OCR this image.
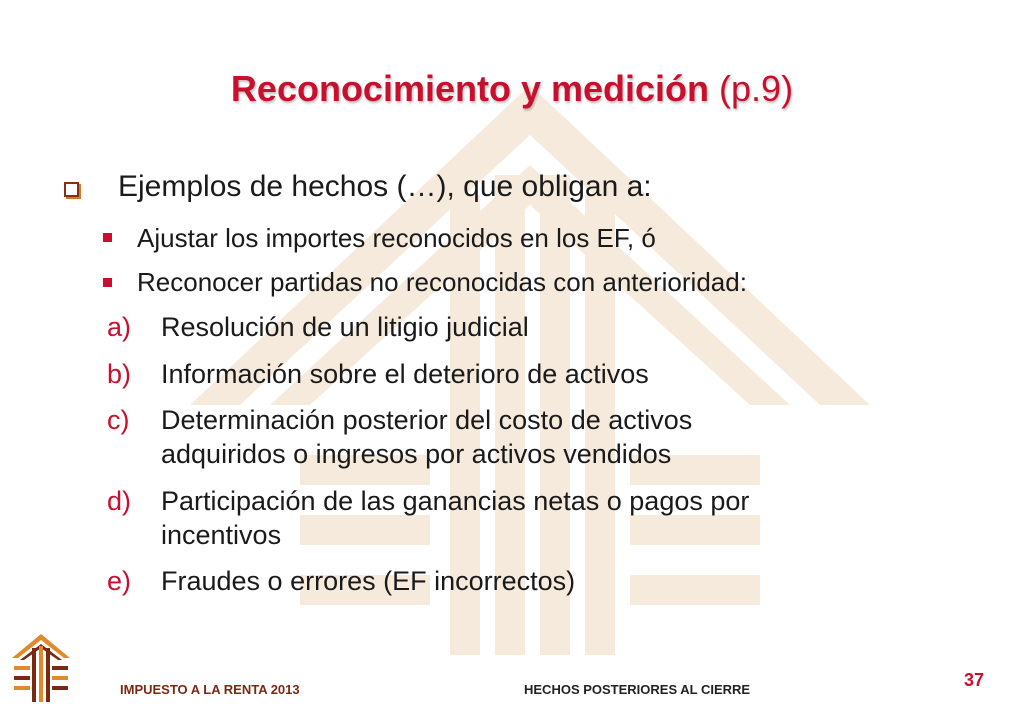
Reconocimiento y medición (p.9)
Ejemplos de hechos (…), que obligan a:
Ajustar los importes reconocidos en los EF, ó
Reconocer partidas no reconocidas con anterioridad:
a) Resolución de un litigio judicial
b) Información sobre el deterioro de activos
c) Determinación posterior del costo de activos
adquiridos o ingresos por activos vendidos
d) Participación de las ganancias netas o pagos por
incentivos
e) Fraudes o errores (EF incorrectos)
IMPUESTO A LA RENTA 2013	HECHOS POSTERIORES AL CIERRE	37
